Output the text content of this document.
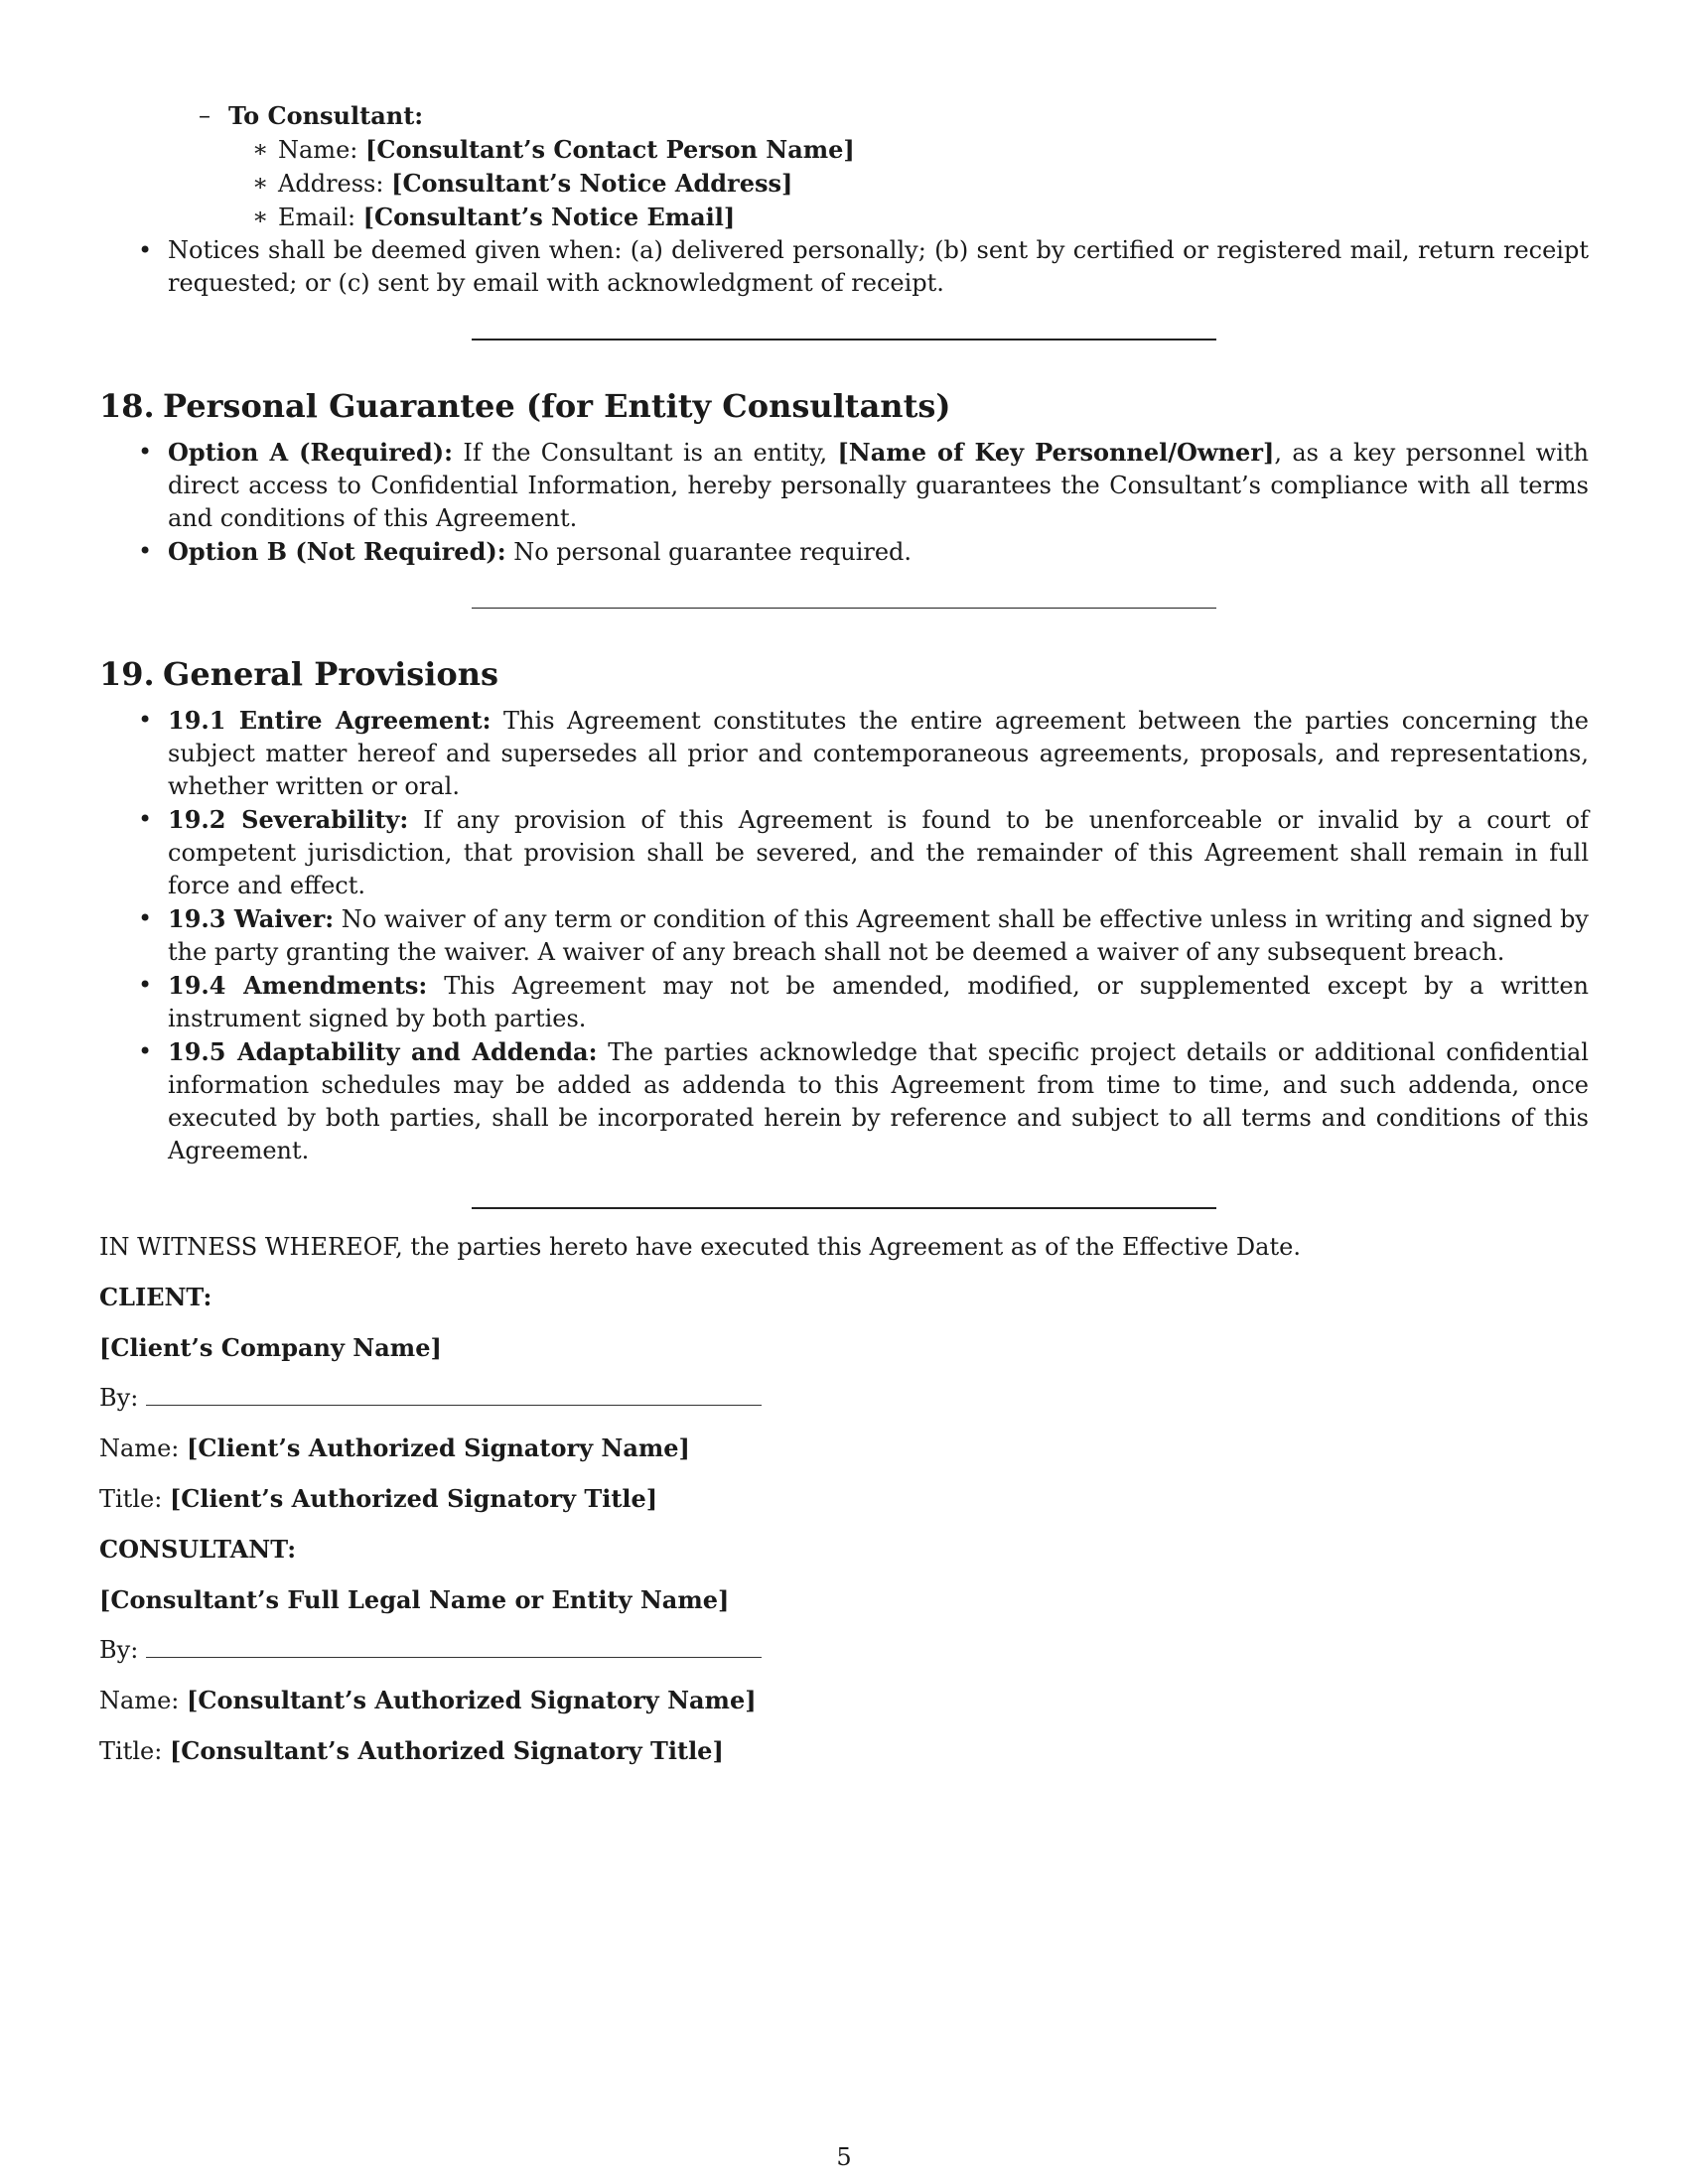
– To Consultant:
∗ Name: [Consultant’s Contact Person Name]
∗ Address: [Consultant’s Notice Address]
∗ Email: [Consultant’s Notice Email]
• Notices shall be deemed given when: (a) delivered personally; (b) sent by certified or registered mail, return receipt requested; or (c) sent by email with acknowledgment of receipt.
18. Personal Guarantee (for Entity Consultants)
• Option A (Required): If the Consultant is an entity, [Name of Key Personnel/Owner], as a key personnel with direct access to Confidential Information, hereby personally guarantees the Consultant’s compliance with all terms and conditions of this Agreement.
• Option B (Not Required): No personal guarantee required.
19. General Provisions
• 19.1 Entire Agreement: This Agreement constitutes the entire agreement between the parties concerning the subject matter hereof and supersedes all prior and contemporaneous agreements, proposals, and representations, whether written or oral.
• 19.2 Severability: If any provision of this Agreement is found to be unenforceable or invalid by a court of competent jurisdiction, that provision shall be severed, and the remainder of this Agreement shall remain in full force and effect.
• 19.3 Waiver: No waiver of any term or condition of this Agreement shall be effective unless in writing and signed by the party granting the waiver. A waiver of any breach shall not be deemed a waiver of any subsequent breach.
• 19.4 Amendments: This Agreement may not be amended, modified, or supplemented except by a written instrument signed by both parties.
• 19.5 Adaptability and Addenda: The parties acknowledge that specific project details or additional confidential information schedules may be added as addenda to this Agreement from time to time, and such addenda, once executed by both parties, shall be incorporated herein by reference and subject to all terms and conditions of this Agreement.

IN WITNESS WHEREOF, the parties hereto have executed this Agreement as of the Effective Date.

CLIENT:

[Client’s Company Name]

By:

Name: [Client’s Authorized Signatory Name]

Title: [Client’s Authorized Signatory Title]

CONSULTANT:

[Consultant’s Full Legal Name or Entity Name]

By:

Name: [Consultant’s Authorized Signatory Name]

Title: [Consultant’s Authorized Signatory Title]

5
